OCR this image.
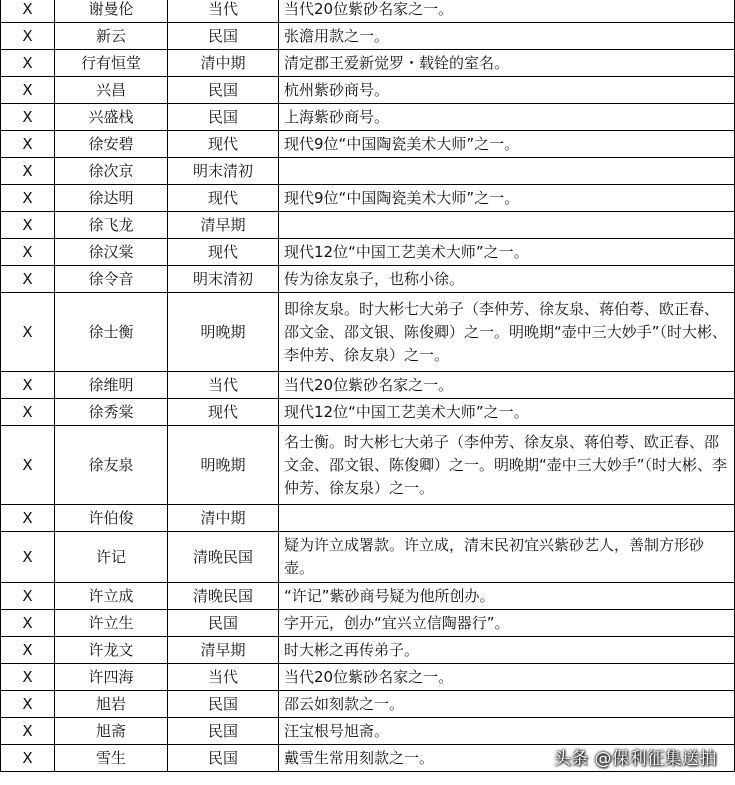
X	谢曼伦	当代	当代20位紫砂名家之一。
X	新云	民国	张澹用款之一。
X	行有恒堂	清中期	清定郡王爱新觉罗・载铨的室名。
X	兴昌	民国	杭州紫砂商号。
X	兴盛栈	民国	上海紫砂商号。
X	徐安碧	现代	现代9位“中国陶瓷美术大师”之一。
X	徐次京	明末清初	
X	徐达明	现代	现代9位“中国陶瓷美术大师”之一。
X	徐飞龙	清早期	
X	徐汉棠	现代	现代12位“中国工艺美术大师”之一。
X	徐令音	明末清初	传为徐友泉子，也称小徐。
X	徐士衡	明晚期	即徐友泉。时大彬七大弟子（李仲芳、徐友泉、蒋伯荂、欧正春、邵文金、邵文银、陈俊卿）之一。明晚期“壶中三大妙手”（时大彬、李仲芳、徐友泉）之一。
X	徐维明	当代	当代20位紫砂名家之一。
X	徐秀棠	现代	现代12位“中国工艺美术大师”之一。
X	徐友泉	明晚期	名士衡。时大彬七大弟子（李仲芳、徐友泉、蒋伯荂、欧正春、邵文金、邵文银、陈俊卿）之一。明晚期“壶中三大妙手”（时大彬、李仲芳、徐友泉）之一。
X	许伯俊	清中期	
X	许记	清晚民国	疑为许立成署款。许立成，清末民初宜兴紫砂艺人，善制方形砂壶。
X	许立成	清晚民国	“许记”紫砂商号疑为他所创办。
X	许立生	民国	字开元，创办“宜兴立信陶器行”。
X	许龙文	清早期	时大彬之再传弟子。
X	许四海	当代	当代20位紫砂名家之一。
X	旭岩	民国	邵云如刻款之一。
X	旭斋	民国	汪宝根号旭斋。
X	雪生	民国	戴雪生常用刻款之一。	头条 @保利征集送拍
